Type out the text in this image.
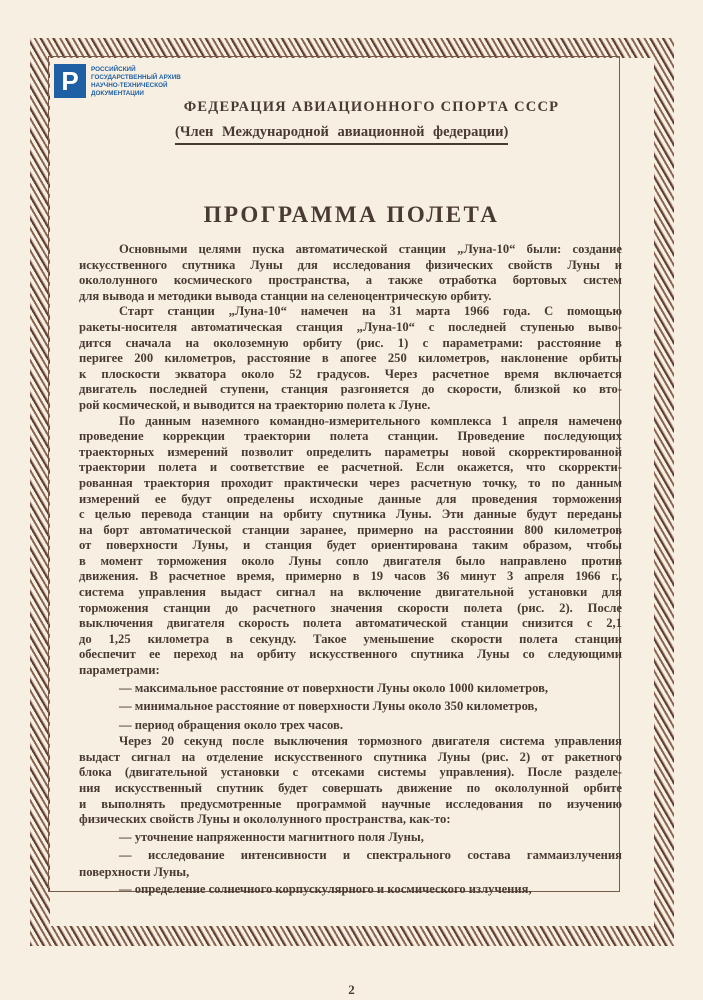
Р	РОССИЙСКИЙ
ГОСУДАРСТВЕННЫЙ АРХИВ
НАУЧНО-ТЕХНИЧЕСКОЙ
ДОКУМЕНТАЦИИ
ФЕДЕРАЦИЯ АВИАЦИОННОГО СПОРТА СССР
(Член Международной авиационной федерации)
ПРОГРАММА ПОЛЕТА
Основными целями пуска автоматической станции „Луна-10“ были: создание
искусственного спутника Луны для исследования физических свойств Луны и
окололунного космического пространства, а также отработка бортовых систем
для вывода и методики вывода станции на селеноцентрическую орбиту.
Старт станции „Луна-10“ намечен на 31 марта 1966 года. С помощью
ракеты-носителя автоматическая станция „Луна-10“ с последней ступенью выво-
дится сначала на околоземную орбиту (рис. 1) с параметрами: расстояние в
перигее 200 километров, расстояние в апогее 250 километров, наклонение орбиты
к плоскости экватора около 52 градусов. Через расчетное время включается
двигатель последней ступени, станция разгоняется до скорости, близкой ко вто-
рой космической, и выводится на траекторию полета к Луне.
По данным наземного командно-измерительного комплекса 1 апреля намечено
проведение коррекции траектории полета станции. Проведение последующих
траекторных измерений позволит определить параметры новой скорректированной
траектории полета и соответствие ее расчетной. Если окажется, что скорректи-
рованная траектория проходит практически через расчетную точку, то по данным
измерений ее будут определены исходные данные для проведения торможения
с целью перевода станции на орбиту спутника Луны. Эти данные будут переданы
на борт автоматической станции заранее, примерно на расстоянии 800 километров
от поверхности Луны, и станция будет ориентирована таким образом, чтобы
в момент торможения около Луны сопло двигателя было направлено против
движения. В расчетное время, примерно в 19 часов 36 минут 3 апреля 1966 г.,
система управления выдаст сигнал на включение двигательной установки для
торможения станции до расчетного значения скорости полета (рис. 2). После
выключения двигателя скорость полета автоматической станции снизится с 2,1
до 1,25 километра в секунду. Такое уменьшение скорости полета станции
обеспечит ее переход на орбиту искусственного спутника Луны со следующими
параметрами:
— максимальное расстояние от поверхности Луны около 1000 километров,
— минимальное расстояние от поверхности Луны около 350 километров,
— период обращения около трех часов.
Через 20 секунд после выключения тормозного двигателя система управления
выдаст сигнал на отделение искусственного спутника Луны (рис. 2) от ракетного
блока (двигательной установки с отсеками системы управления). После разделе-
ния искусственный спутник будет совершать движение по окололунной орбите
и выполнять предусмотренные программой научные исследования по изучению
физических свойств Луны и окололунного пространства, как-то:
— уточнение напряженности магнитного поля Луны,
— исследование интенсивности и спектрального состава гаммаизлучения
поверхности Луны,
— определение солнечного корпускулярного и космического излучения,
2
